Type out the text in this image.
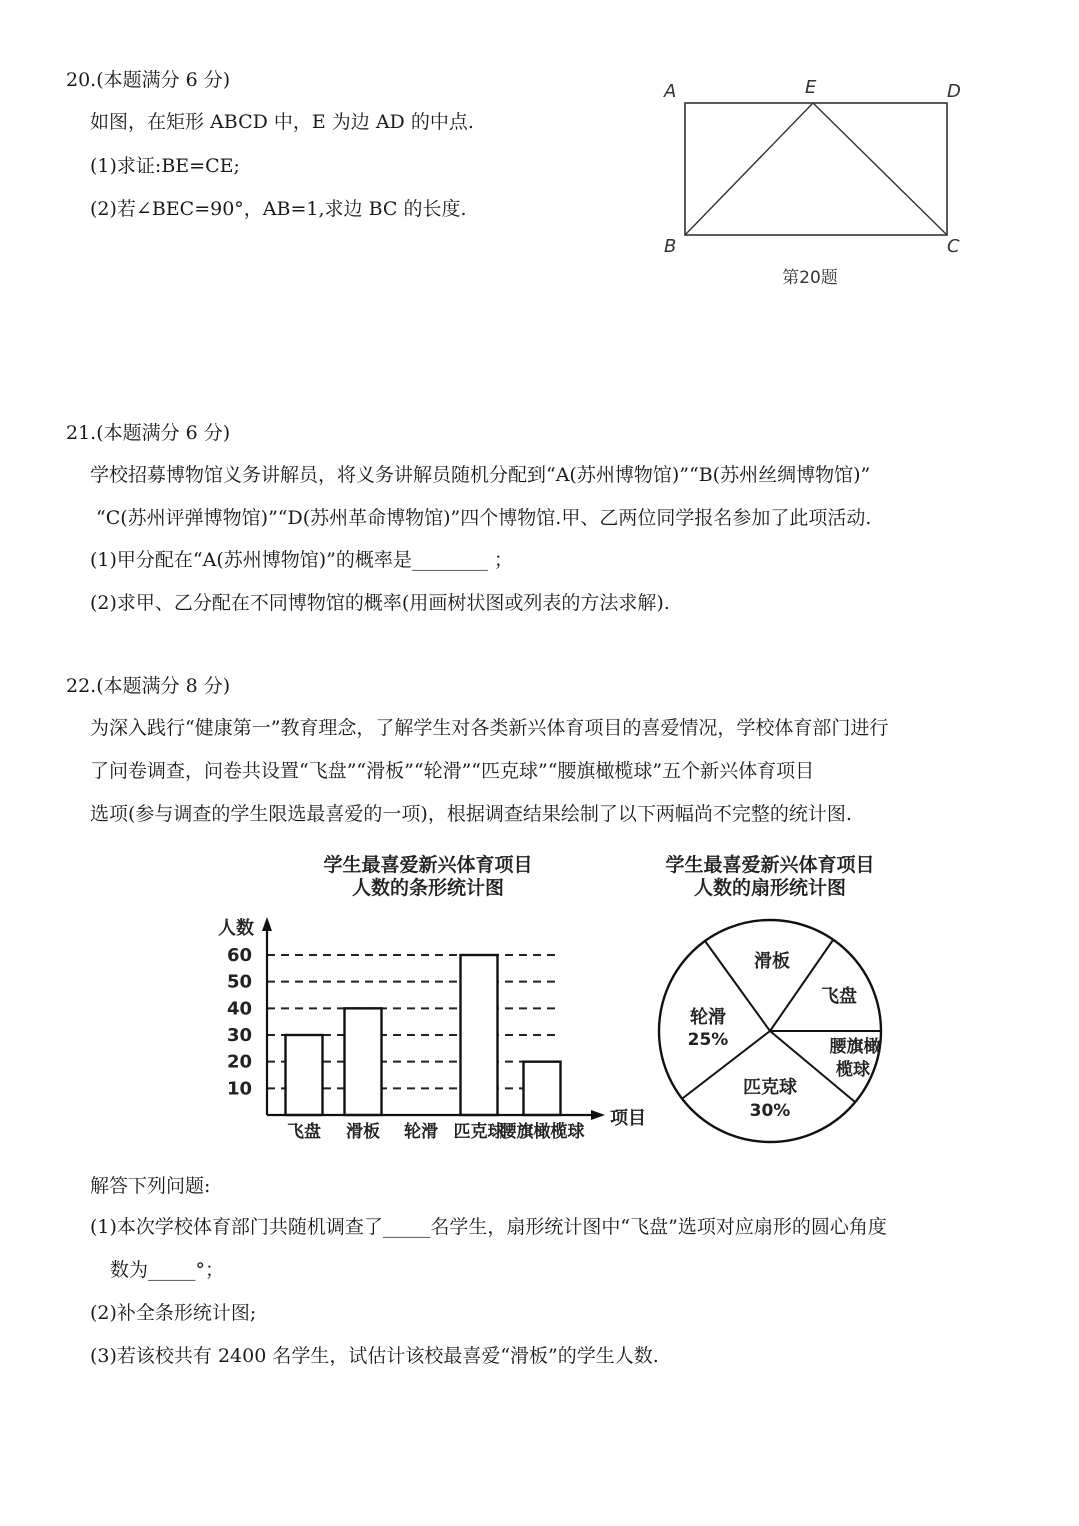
20.(本题满分 6 分)
如图，在矩形 ABCD 中，E 为边 AD 的中点.
(1)求证:BE=CE;
(2)若∠BEC=90°，AB=1,求边 BC 的长度.
A	E	D
B	C
第20题
21.(本题满分 6 分)
学校招募博物馆义务讲解员，将义务讲解员随机分配到“A(苏州博物馆)”“B(苏州丝绸博物馆)”
“C(苏州评弹博物馆)”“D(苏州革命博物馆)”四个博物馆.甲、乙两位同学报名参加了此项活动.
(1)甲分配在“A(苏州博物馆)”的概率是________ ；
(2)求甲、乙分配在不同博物馆的概率(用画树状图或列表的方法求解).
22.(本题满分 8 分)
为深入践行“健康第一”教育理念，了解学生对各类新兴体育项目的喜爱情况，学校体育部门进行
了问卷调查，问卷共设置“飞盘”“滑板”“轮滑”“匹克球”“腰旗橄榄球”五个新兴体育项目
选项(参与调查的学生限选最喜爱的一项)，根据调查结果绘制了以下两幅尚不完整的统计图.
学生最喜爱新兴体育项目
人数的条形统计图
人数
项目
10
20
30
40
50
60
飞盘 滑板 轮滑 匹克球
腰旗橄榄球
学生最喜爱新兴体育项目
人数的扇形统计图
滑板
飞盘
腰旗橄
榄球
匹克球
30%
轮滑
25%
解答下列问题:
(1)本次学校体育部门共随机调查了_____名学生，扇形统计图中“飞盘”选项对应扇形的圆心角度
数为_____°；
(2)补全条形统计图;
(3)若该校共有 2400 名学生，试估计该校最喜爱“滑板”的学生人数.
